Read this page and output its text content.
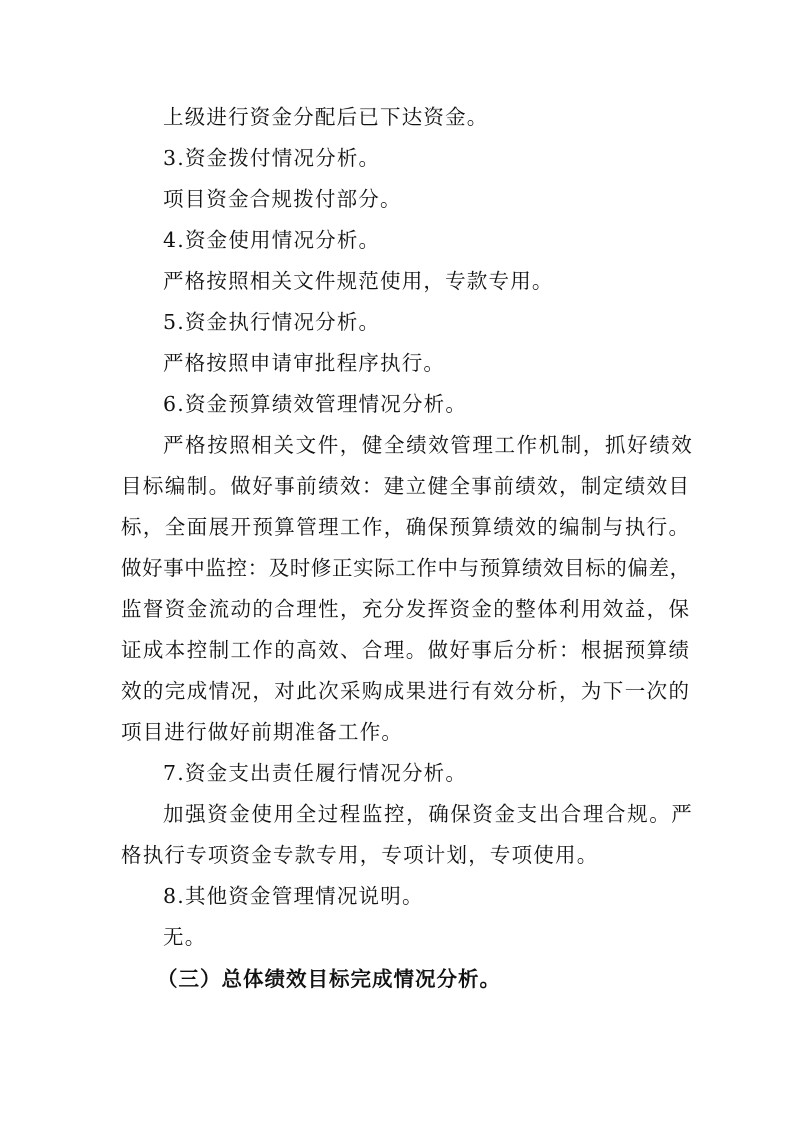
上级进行资金分配后已下达资金。
3.资金拨付情况分析。
项目资金合规拨付部分。
4.资金使用情况分析。
严格按照相关文件规范使用，专款专用。
5.资金执行情况分析。
严格按照申请审批程序执行。
6.资金预算绩效管理情况分析。
严格按照相关文件，健全绩效管理工作机制，抓好绩效
目标编制。做好事前绩效：建立健全事前绩效，制定绩效目
标，全面展开预算管理工作，确保预算绩效的编制与执行。
做好事中监控：及时修正实际工作中与预算绩效目标的偏差，
监督资金流动的合理性，充分发挥资金的整体利用效益，保
证成本控制工作的高效、合理。做好事后分析：根据预算绩
效的完成情况，对此次采购成果进行有效分析，为下一次的
项目进行做好前期准备工作。
7.资金支出责任履行情况分析。
加强资金使用全过程监控，确保资金支出合理合规。严
格执行专项资金专款专用，专项计划，专项使用。
8.其他资金管理情况说明。
无。
（三）总体绩效目标完成情况分析。
